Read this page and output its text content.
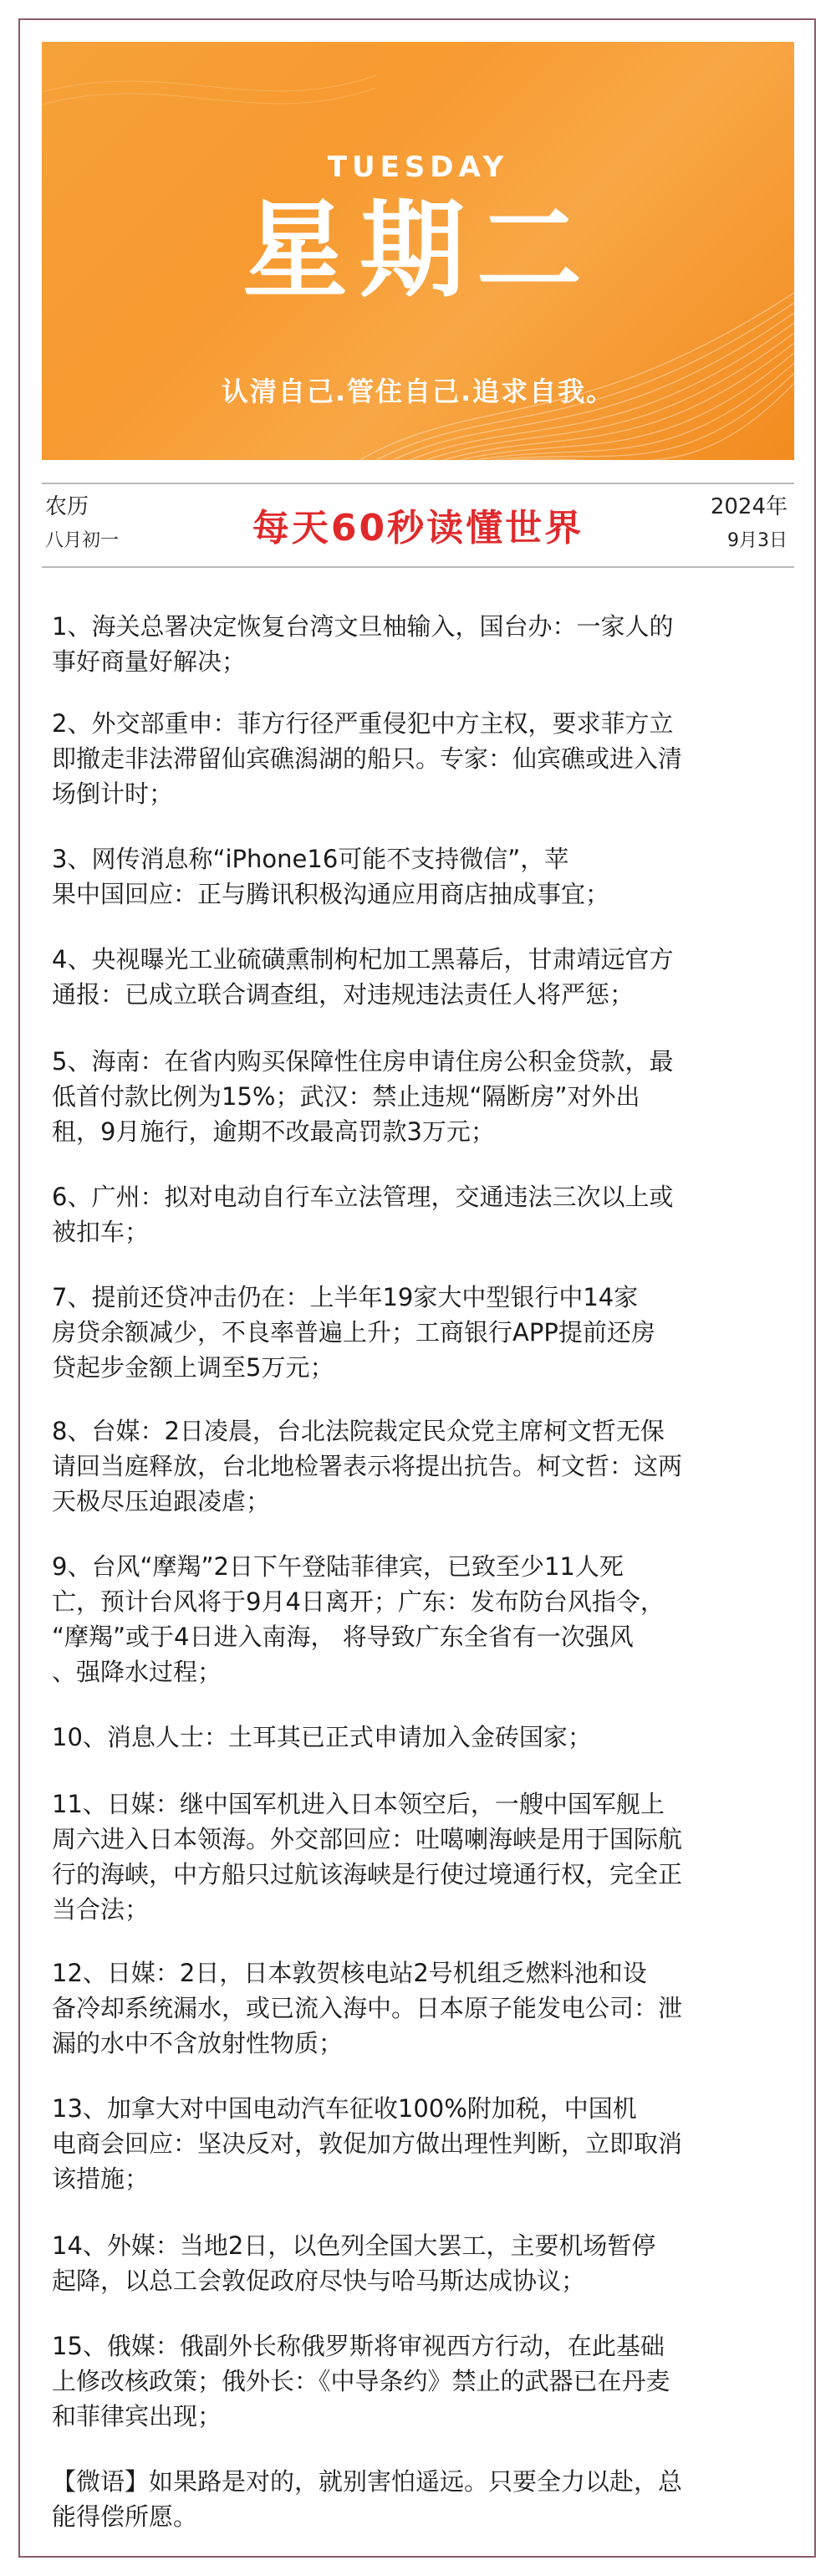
TUESDAY
星期二
认清自己.管住自己.追求自我。
农历
八月初一	每天60秒读懂世界	2024年
9月3日
1、海关总署决定恢复台湾文旦柚输入，国台办：一家人的
事好商量好解决；
2、外交部重申：菲方行径严重侵犯中方主权，要求菲方立
即撤走非法滞留仙宾礁潟湖的船只。专家：仙宾礁或进入清
场倒计时；
3、网传消息称“iPhone16可能不支持微信”，苹
果中国回应：正与腾讯积极沟通应用商店抽成事宜；
4、央视曝光工业硫磺熏制枸杞加工黑幕后，甘肃靖远官方
通报：已成立联合调查组，对违规违法责任人将严惩；
5、海南：在省内购买保障性住房申请住房公积金贷款，最
低首付款比例为15%；武汉：禁止违规“隔断房”对外出
租，9月施行，逾期不改最高罚款3万元；
6、广州：拟对电动自行车立法管理，交通违法三次以上或
被扣车；
7、提前还贷冲击仍在：上半年19家大中型银行中14家
房贷余额减少，不良率普遍上升；工商银行APP提前还房
贷起步金额上调至5万元；
8、台媒：2日凌晨，台北法院裁定民众党主席柯文哲无保
请回当庭释放，台北地检署表示将提出抗告。柯文哲：这两
天极尽压迫跟凌虐；
9、台风“摩羯”2日下午登陆菲律宾，已致至少11人死
亡，预计台风将于9月4日离开；广东：发布防台风指令，
“摩羯”或于4日进入南海， 将导致广东全省有一次强风
、强降水过程；
10、消息人士：土耳其已正式申请加入金砖国家；
11、日媒：继中国军机进入日本领空后，一艘中国军舰上
周六进入日本领海。外交部回应：吐噶喇海峡是用于国际航
行的海峡，中方船只过航该海峡是行使过境通行权，完全正
当合法；
12、日媒：2日，日本敦贺核电站2号机组乏燃料池和设
备冷却系统漏水，或已流入海中。日本原子能发电公司：泄
漏的水中不含放射性物质；
13、加拿大对中国电动汽车征收100%附加税，中国机
电商会回应：坚决反对，敦促加方做出理性判断，立即取消
该措施；
14、外媒：当地2日，以色列全国大罢工，主要机场暂停
起降，以总工会敦促政府尽快与哈马斯达成协议；
15、俄媒：俄副外长称俄罗斯将审视西方行动，在此基础
上修改核政策；俄外长：《中导条约》禁止的武器已在丹麦
和菲律宾出现；
【微语】如果路是对的，就别害怕遥远。只要全力以赴，总
能得偿所愿。
